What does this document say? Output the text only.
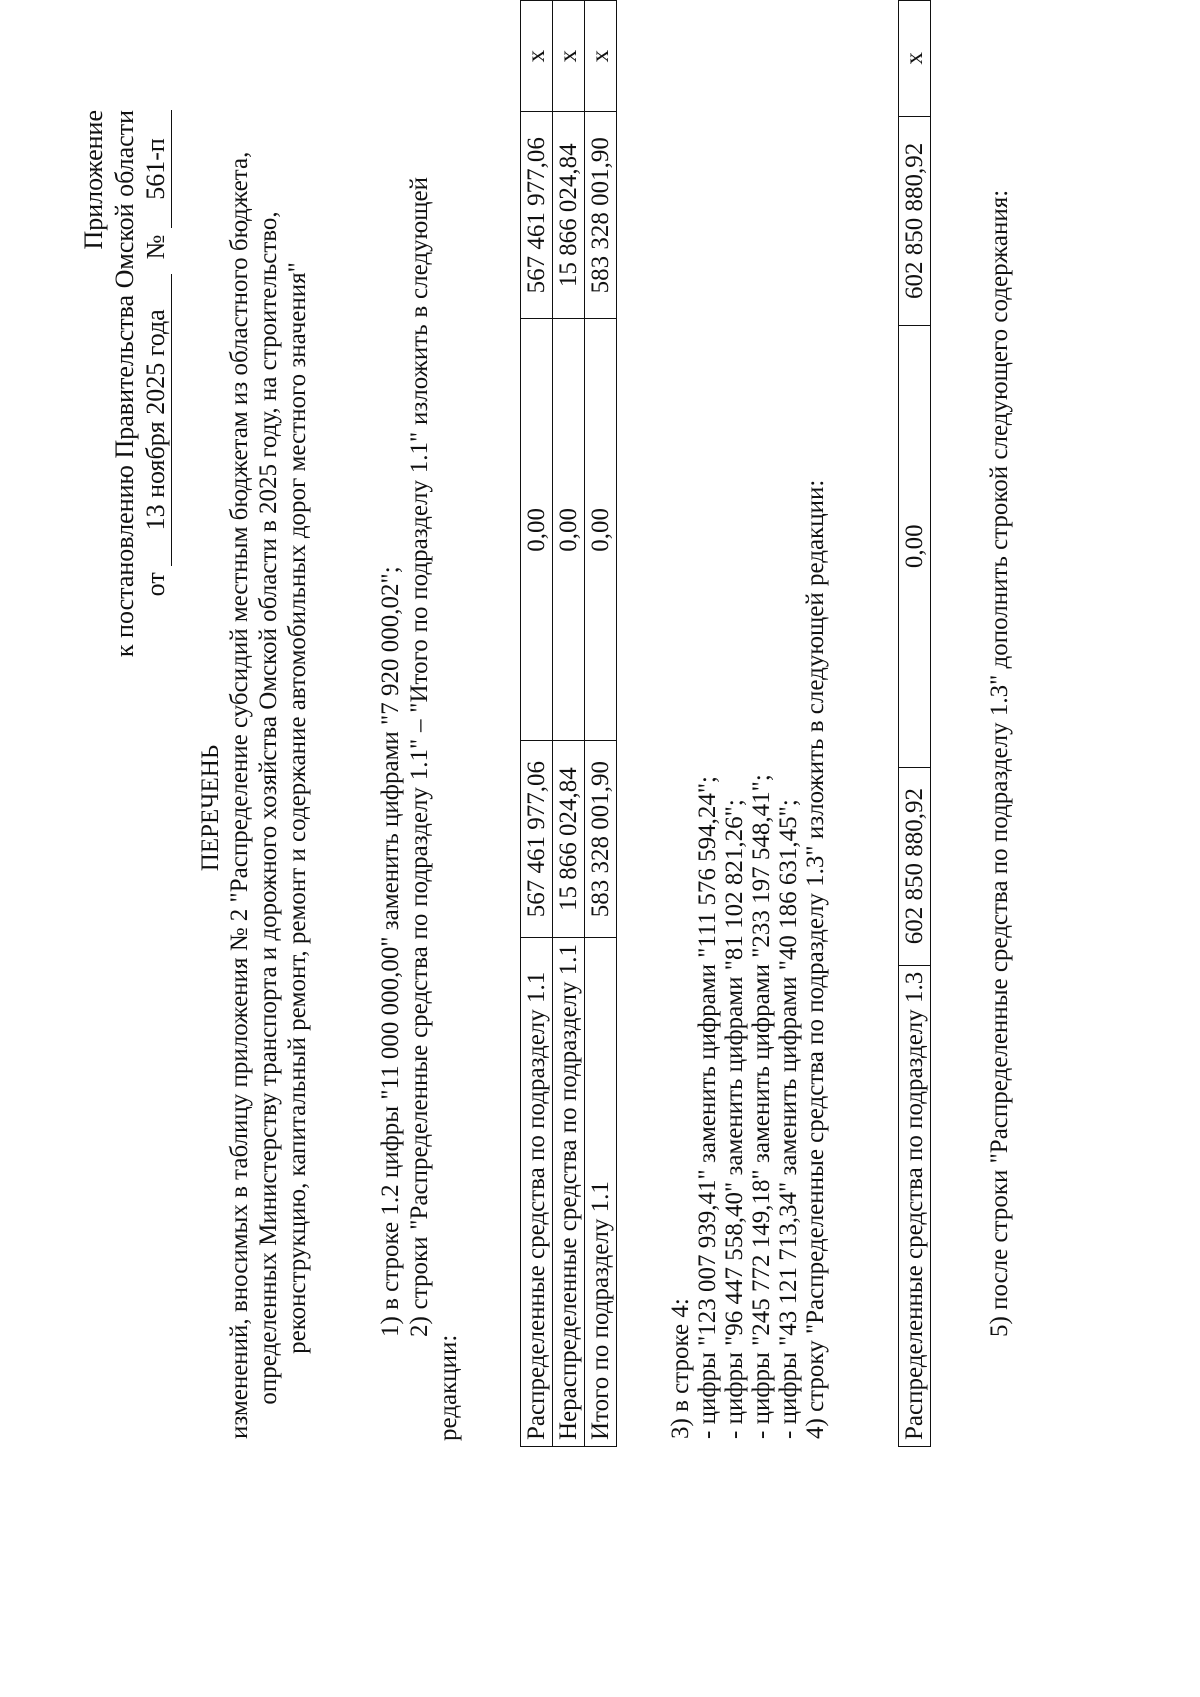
Приложение к постановлению Правительства Омской области от 13 ноября 2025 года № 561-п
ПЕРЕЧЕНЬ изменений, вносимых в таблицу приложения № 2 "Распределение субсидий местным бюджетам из областного бюджета, определенных Министерству транспорта и дорожного хозяйства Омской области в 2025 году, на строительство, реконструкцию, капитальный ремонт, ремонт и содержание автомобильных дорог местного значения"	1) в строке 1.2 цифры "11 000 000,00" заменить цифрами "7 920 000,02"; 2) строки "Распределенные средства по подразделу 1.1" – "Итого по подразделу 1.1" изложить в следующей
редакции: Распределенные средства по подразделу 1.1	567 461 977,06	0,00	567 461 977,06	x
Нераспределенные средства по подразделу 1.1	15 866 024,84	0,00	15 866 024,84	x
Итого по подразделу 1.1	583 328 001,90	0,00	583 328 001,90	x
3) в строке 4: - цифры "123 007 939,41" заменить цифрами "111 576 594,24"; - цифры "96 447 558,40" заменить цифрами "81 102 821,26"; - цифры "245 772 149,18" заменить цифрами "233 197 548,41"; - цифры "43 121 713,34" заменить цифрами "40 186 631,45"; 4) строку "Распределенные средства по подразделу 1.3" изложить в следующей редакции:	Распределенные средства по подразделу 1.3	602 850 880,92	0,00	602 850 880,92	x
5) после строки "Распределенные средства по подразделу 1.3" дополнить строкой следующего содержания:
